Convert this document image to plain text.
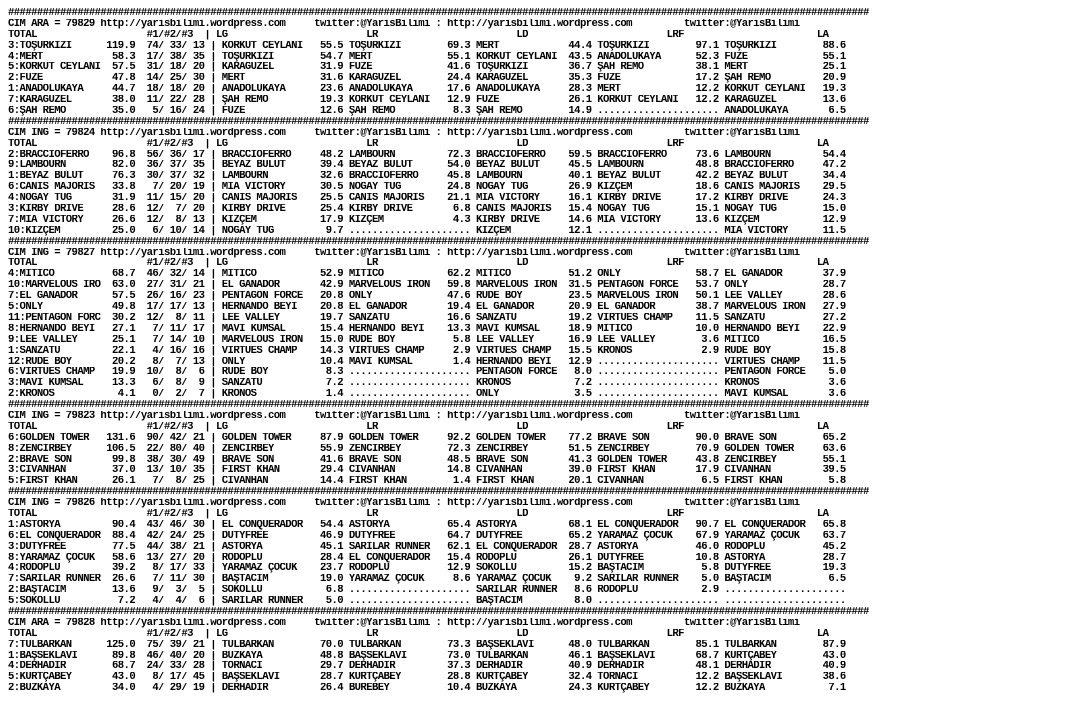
#####################################################################################################################################################
CIM ARA = 79829 http://yarisbilimi.wordpress.com     twitter:@YarisBilimi : http://yarisbilimi.wordpress.com         twitter:@YarisBilimi
TOTAL                   #1/#2/#3  | LG                        LR                        LD                        LRF                       LA
3:TOŞURKIZI      119.9  74/ 33/ 13 | KORKUT CEYLANI   55.5 TOŞURKIZI        69.3 MERT            44.4 TOŞURKIZI        97.1 TOŞURKIZI        88.6
4:MERT            58.3  17/ 38/ 35 | TOŞURKIZI        54.7 MERT             55.1 KORKUT CEYLANI  43.5 ANADOLUKAYA      52.3 FÜZE             55.1
5:KORKUT CEYLANI  57.5  31/ 18/ 20 | KARAGÜZEL        31.9 FÜZE             41.6 TOŞURKIZI       36.7 ŞAH REMO         38.1 MERT             25.1
2:FÜZE            47.8  14/ 25/ 30 | MERT             31.6 KARAGÜZEL        24.4 KARAGÜZEL       35.3 FÜZE             17.2 ŞAH REMO         20.9
1:ANADOLUKAYA     44.7  18/ 18/ 20 | ANADOLUKAYA      23.6 ANADOLUKAYA      17.6 ANADOLUKAYA     28.3 MERT             12.2 KORKUT CEYLANI   19.3
7:KARAGÜZEL       38.0  11/ 22/ 28 | ŞAH REMO         19.3 KORKUT CEYLANI   12.9 FÜZE            26.1 KORKUT CEYLANI   12.2 KARAGÜZEL        13.6
6:ŞAH REMO        35.0   5/ 16/ 24 | FÜZE             12.6 ŞAH REMO          8.3 ŞAH REMO        14.9 ..................... ANADOLUKAYA       6.5
#####################################################################################################################################################
CIM ING = 79824 http://yarisbilimi.wordpress.com     twitter:@YarisBilimi : http://yarisbilimi.wordpress.com         twitter:@YarisBilimi
TOTAL                   #1/#2/#3  | LG                        LR                        LD                        LRF                       LA
2:BRACCIOFERRO    96.8  56/ 36/ 17 | BRACCIOFERRO     48.2 LAMBOURN         72.3 BRACCIOFERRO    59.5 BRACCIOFERRO     73.6 LAMBOURN         54.4
9:LAMBOURN        82.0  36/ 37/ 35 | BEYAZ BULUT      39.4 BEYAZ BULUT      54.0 BEYAZ BULUT     45.5 LAMBOURN         48.8 BRACCIOFERRO     47.2
1:BEYAZ BULUT     76.3  30/ 37/ 32 | LAMBOURN         32.6 BRACCIOFERRO     45.8 LAMBOURN        40.1 BEYAZ BULUT      42.2 BEYAZ BULUT      34.4
6:CANIS MAJORIS   33.8   7/ 20/ 19 | MIA VICTORY      30.5 NOGAY TUĞ        24.8 NOGAY TUĞ       26.9 KIZÇEM           18.6 CANIS MAJORIS    29.5
4:NOGAY TUĞ       31.9  11/ 15/ 20 | CANIS MAJORIS    25.5 CANIS MAJORIS    21.1 MIA VICTORY     16.1 KIRBY DRIVE      17.2 KIRBY DRIVE      24.3
3:KIRBY DRIVE     28.6  12/  7/ 20 | KIRBY DRIVE      25.4 KIRBY DRIVE       6.8 CANIS MAJORIS   15.4 NOGAY TUĞ        15.1 NOGAY TUĞ        15.0
7:MIA VICTORY     26.6  12/  8/ 13 | KIZÇEM           17.9 KIZÇEM            4.3 KIRBY DRIVE     14.6 MIA VICTORY      13.6 KIZÇEM           12.9
10:KIZÇEM         25.0   6/ 10/ 14 | NOGAY TUĞ         9.7 ..................... KIZÇEM          12.1 ..................... MIA VICTORY      11.5
#####################################################################################################################################################
CIM ING = 79827 http://yarisbilimi.wordpress.com     twitter:@YarisBilimi : http://yarisbilimi.wordpress.com         twitter:@YarisBilimi
TOTAL                   #1/#2/#3  | LG                        LR                        LD                        LRF                       LA
4:MİTİCO          68.7  46/ 32/ 14 | MİTİCO           52.9 MİTİCO           62.2 MİTİCO          51.2 ONLY             58.7 EL GANADOR       37.9
10:MARVELOUS IRO  63.0  27/ 31/ 21 | EL GANADOR       42.9 MARVELOUS IRON   59.8 MARVELOUS IRON  31.5 PENTAGON FORCE   53.7 ONLY             28.7
7:EL GANADOR      57.5  26/ 16/ 23 | PENTAGON FORCE   20.8 ONLY             47.6 RUDE BOY        23.5 MARVELOUS IRON   50.1 LEE VALLEY       28.6
5:ONLY            49.8  17/ 17/ 13 | HERNANDO BEYİ    20.8 EL GANADOR       19.4 EL GANADOR      20.9 EL GANADOR       38.7 MARVELOUS IRON   27.9
11:PENTAGON FORC  30.2  12/  8/ 11 | LEE VALLEY       19.7 SANZATU          16.6 SANZATU         19.2 VIRTUES CHAMP    11.5 SANZATU          27.2
8:HERNANDO BEYİ   27.1   7/ 11/ 17 | MAVİ KUMSAL      15.4 HERNANDO BEYİ    13.3 MAVİ KUMSAL     18.9 MİTİCO           10.0 HERNANDO BEYİ    22.9
9:LEE VALLEY      25.1   7/ 14/ 10 | MARVELOUS IRON   15.0 RUDE BOY          5.8 LEE VALLEY      16.9 LEE VALLEY        3.6 MİTİCO           16.5
1:SANZATU         22.1   4/ 16/ 16 | VIRTUES CHAMP    14.3 VIRTUES CHAMP     2.9 VIRTUES CHAMP   15.5 KRONOS            2.9 RUDE BOY         15.8
12:RUDE BOY       20.2   8/  7/ 13 | ONLY             10.4 MAVİ KUMSAL       1.4 HERNANDO BEYİ   12.9 ..................... VIRTUES CHAMP    11.5
6:VIRTUES CHAMP   19.9  10/  8/  6 | RUDE BOY          8.3 ..................... PENTAGON FORCE   8.0 ..................... PENTAGON FORCE    5.0
3:MAVİ KUMSAL     13.3   6/  8/  9 | SANZATU           7.2 ..................... KRONOS           7.2 ..................... KRONOS            3.6
2:KRONOS           4.1   0/  2/  7 | KRONOS            1.4 ..................... ONLY             3.5 ..................... MAVİ KUMSAL       3.6
#####################################################################################################################################################
CIM ING = 79823 http://yarisbilimi.wordpress.com     twitter:@YarisBilimi : http://yarisbilimi.wordpress.com         twitter:@YarisBilimi
TOTAL                   #1/#2/#3  | LG                        LR                        LD                        LRF                       LA
6:GOLDEN TOWER   131.6  90/ 42/ 21 | GOLDEN TOWER     87.9 GOLDEN TOWER     92.2 GOLDEN TOWER    77.2 BRAVE SON        90.0 BRAVE SON        65.2
8:ZENCİRBEY      106.5  22/ 80/ 40 | ZENCİRBEY        55.9 ZENCİRBEY        72.3 ZENCİRBEY       51.5 ZENCİRBEY        70.9 GOLDEN TOWER     63.6
2:BRAVE SON       99.8  38/ 30/ 49 | BRAVE SON        41.6 BRAVE SON        48.5 BRAVE SON       41.3 GOLDEN TOWER     43.8 ZENCİRBEY        55.1
3:CIVANHAN        37.0  13/ 10/ 35 | FIRST KHAN       29.4 CIVANHAN         14.8 CIVANHAN        39.0 FIRST KHAN       17.9 CIVANHAN         39.5
5:FIRST KHAN      26.1   7/  8/ 25 | CIVANHAN         14.4 FIRST KHAN        1.4 FIRST KHAN      20.1 CIVANHAN          6.5 FIRST KHAN        5.8
#####################################################################################################################################################
CIM ING = 79826 http://yarisbilimi.wordpress.com     twitter:@YarisBilimi : http://yarisbilimi.wordpress.com         twitter:@YarisBilimi
TOTAL                   #1/#2/#3  | LG                        LR                        LD                        LRF                       LA
1:ASTORYA         90.4  43/ 46/ 30 | EL CONQUERADOR   54.4 ASTORYA          65.4 ASTORYA         68.1 EL CONQUERADOR   90.7 EL CONQUERADOR   65.8
6:EL CONQUERADOR  88.4  42/ 24/ 25 | DUTYFREE         46.9 DUTYFREE         64.7 DUTYFREE        65.2 YARAMAZ ÇOCUK    67.9 YARAMAZ ÇOCUK    63.7
3:DUTYFREE        77.5  44/ 38/ 21 | ASTORYA          45.1 SARILAR RUNNER   62.1 EL CONQUERADOR  28.7 ASTORYA          46.0 RODOPLU          45.2
8:YARAMAZ ÇOCUK   58.6  13/ 27/ 20 | RODOPLU          28.4 EL CONQUERADOR   15.4 RODOPLU         26.1 DUTYFREE         10.8 ASTORYA          28.7
4:RODOPLU         39.2   8/ 17/ 33 | YARAMAZ ÇOCUK    23.7 RODOPLU          12.9 SOKOLLU         15.2 BAŞTACIM          5.8 DUTYFREE         19.3
7:SARILAR RUNNER  26.6   7/ 11/ 30 | BAŞTACIM         19.0 YARAMAZ ÇOCUK     8.6 YARAMAZ ÇOCUK    9.2 SARILAR RUNNER    5.0 BAŞTACIM          6.5
2:BAŞTACIM        13.6   9/  3/  5 | SOKOLLU           6.8 ..................... SARILAR RUNNER   8.6 RODOPLU           2.9 .....................
5:SOKOLLU          7.2   4/  4/  6 | SARILAR RUNNER    5.0 ..................... BAŞTACIM         8.0 ..................... .....................
#####################################################################################################################################################
CIM ARA = 79828 http://yarisbilimi.wordpress.com     twitter:@YarisBilimi : http://yarisbilimi.wordpress.com         twitter:@YarisBilimi
TOTAL                   #1/#2/#3  | LG                        LR                        LD                        LRF                       LA
7:TULBARKAN      125.0  75/ 39/ 21 | TULBARKAN        70.0 TULBARKAN        73.3 BAŞSEKLAVİ      48.0 TULBARKAN        85.1 TULBARKAN        87.9
1:BAŞSEKLAVİ      89.8  46/ 40/ 20 | BUZKAYA          48.8 BAŞSEKLAVİ       73.0 TULBARKAN       46.1 BAŞSEKLAVİ       68.7 KURTÇABEY        43.0
4:DERHADIR        68.7  24/ 33/ 28 | TORNACI          29.7 DERHADIR         37.3 DERHADIR        40.9 DERHADIR         48.1 DERHADIR         40.9
5:KURTÇABEY       43.0   8/ 17/ 45 | BAŞSEKLAVİ       28.7 KURTÇABEY        28.8 KURTÇABEY       32.4 TORNACI          12.2 BAŞSEKLAVİ       38.6
2:BUZKAYA         34.0   4/ 29/ 19 | DERHADIR         26.4 BÜREBEY          10.4 BUZKAYA         24.3 KURTÇABEY        12.2 BUZKAYA           7.1
